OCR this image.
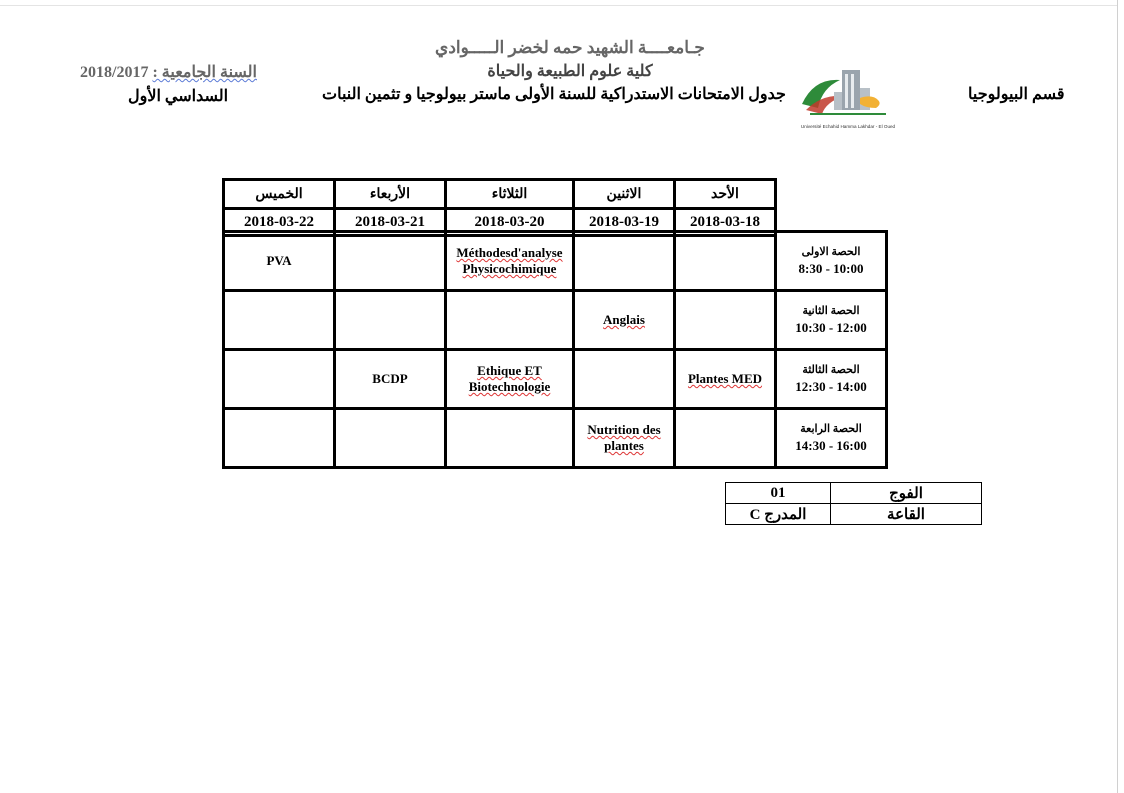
جـامعــــة الشهيد حمه لخضر الـــــوادي
كلية علوم الطبيعة والحياة
2018/2017 السنة الجامعية :
السداسي الأول	جدول الامتحانات الاستدراكية للسنة الأولى ماستر بيولوجيا و تثمين النبات	قسم البيولوجيا
Université Echahid Hamma Lakhdar - El Oued
الخميس	الأربعاء	الثلاثاء	الاثنين	الأحد
2018-03-22	2018-03-21	2018-03-20	2018-03-19	2018-03-18
PVA		Méthodesd'analyse Physicochimique			الحصة الاولى
8:30 - 10:00

			Anglais		الحصة الثانية
10:30 - 12:00

	BCDP	Ethique ET Biotechnologie		Plantes MED	الحصة الثالثة
12:30 - 14:00

			Nutrition des plantes		الحصة الرابعة
14:30 - 16:00
01	الفوج
المدرج C	القاعة
